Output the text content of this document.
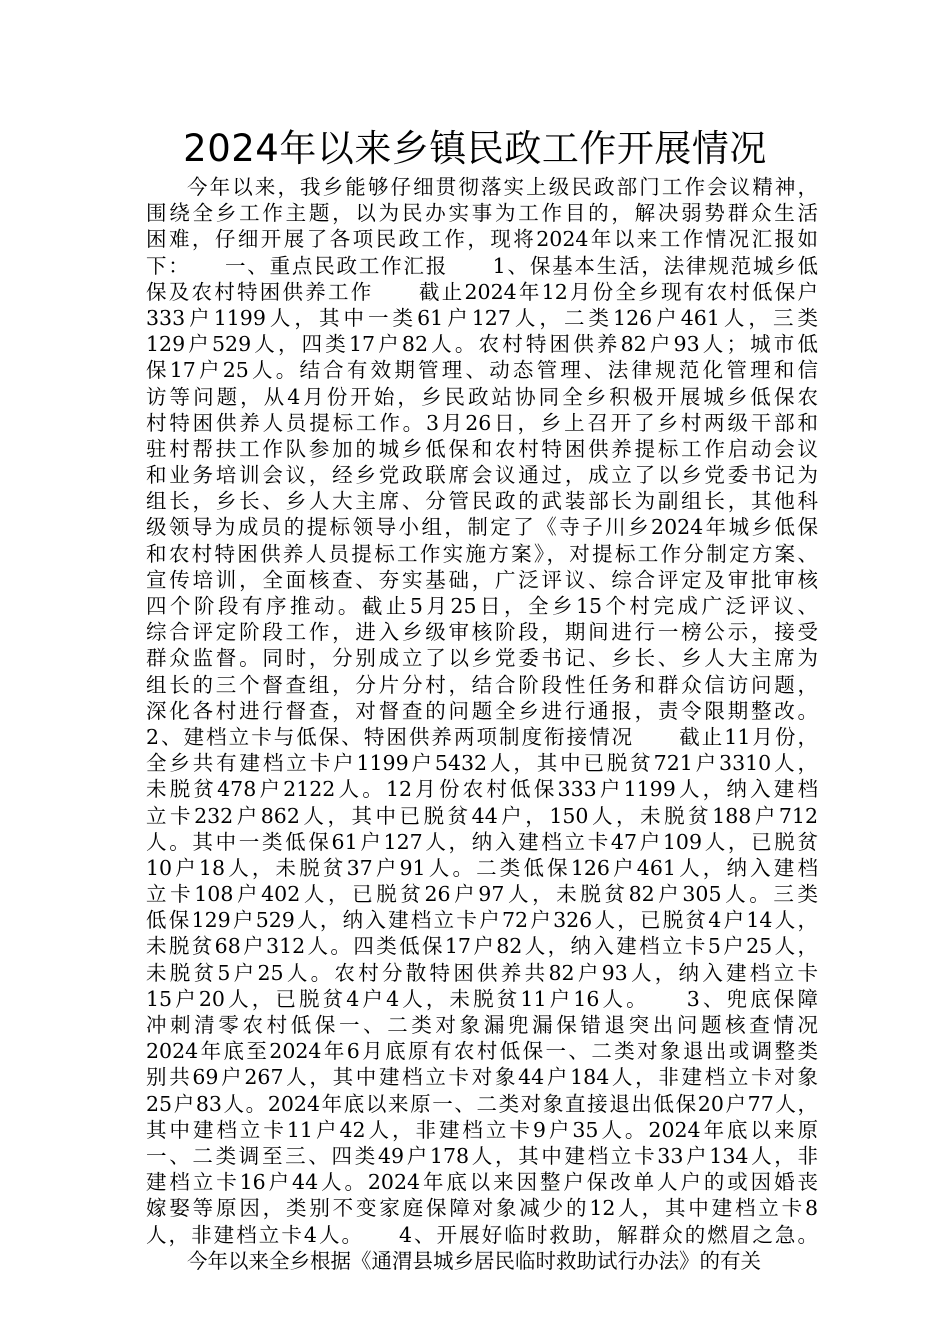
2024年以来乡镇民政工作开展情况
今年以来，我乡能够仔细贯彻落实上级民政部门工作会议精神，
围绕全乡工作主题，以为民办实事为工作目的，解决弱势群众生活
困难，仔细开展了各项民政工作，现将2024年以来工作情况汇报如
下：　　一、重点民政工作汇报　　1、保基本生活，法律规范城乡低
保及农村特困供养工作　　截止2024年12月份全乡现有农村低保户
333户1199人，其中一类61户127人，二类126户461人，三类
129户529人，四类17户82人。农村特困供养82户93人；城市低
保17户25人。结合有效期管理、动态管理、法律规范化管理和信
访等问题，从4月份开始，乡民政站协同全乡积极开展城乡低保农
村特困供养人员提标工作。3月26日，乡上召开了乡村两级干部和
驻村帮扶工作队参加的城乡低保和农村特困供养提标工作启动会议
和业务培训会议，经乡党政联席会议通过，成立了以乡党委书记为
组长，乡长、乡人大主席、分管民政的武装部长为副组长，其他科
级领导为成员的提标领导小组，制定了《寺子川乡2024年城乡低保
和农村特困供养人员提标工作实施方案》，对提标工作分制定方案、
宣传培训，全面核查、夯实基础，广泛评议、综合评定及审批审核
四个阶段有序推动。截止5月25日，全乡15个村完成广泛评议、
综合评定阶段工作，进入乡级审核阶段，期间进行一榜公示，接受
群众监督。同时，分别成立了以乡党委书记、乡长、乡人大主席为
组长的三个督查组，分片分村，结合阶段性任务和群众信访问题，
深化各村进行督查，对督查的问题全乡进行通报，责令限期整改。
2、建档立卡与低保、特困供养两项制度衔接情况　　截止11月份，
全乡共有建档立卡户1199户5432人，其中已脱贫721户3310人，
未脱贫478户2122人。12月份农村低保333户1199人，纳入建档
立卡232户862人，其中已脱贫44户，150人，未脱贫188户712
人。其中一类低保61户127人，纳入建档立卡47户109人，已脱贫
10户18人，未脱贫37户91人。二类低保126户461人，纳入建档
立卡108户402人，已脱贫26户97人，未脱贫82户305人。三类
低保129户529人，纳入建档立卡户72户326人，已脱贫4户14人，
未脱贫68户312人。四类低保17户82人，纳入建档立卡5户25人，
未脱贫5户25人。农村分散特困供养共82户93人，纳入建档立卡
15户20人，已脱贫4户4人，未脱贫11户16人。　　3、兜底保障
冲刺清零农村低保一、二类对象漏兜漏保错退突出问题核查情况
2024年底至2024年6月底原有农村低保一、二类对象退出或调整类
别共69户267人，其中建档立卡对象44户184人，非建档立卡对象
25户83人。2024年底以来原一、二类对象直接退出低保20户77人，
其中建档立卡11户42人，非建档立卡9户35人。2024年底以来原
一、二类调至三、四类49户178人，其中建档立卡33户134人，非
建档立卡16户44人。2024年底以来因整户保改单人户的或因婚丧
嫁娶等原因，类别不变家庭保障对象减少的12人，其中建档立卡8
人，非建档立卡4人。　　4、开展好临时救助，解群众的燃眉之急。
今年以来全乡根据《通渭县城乡居民临时救助试行办法》的有关
